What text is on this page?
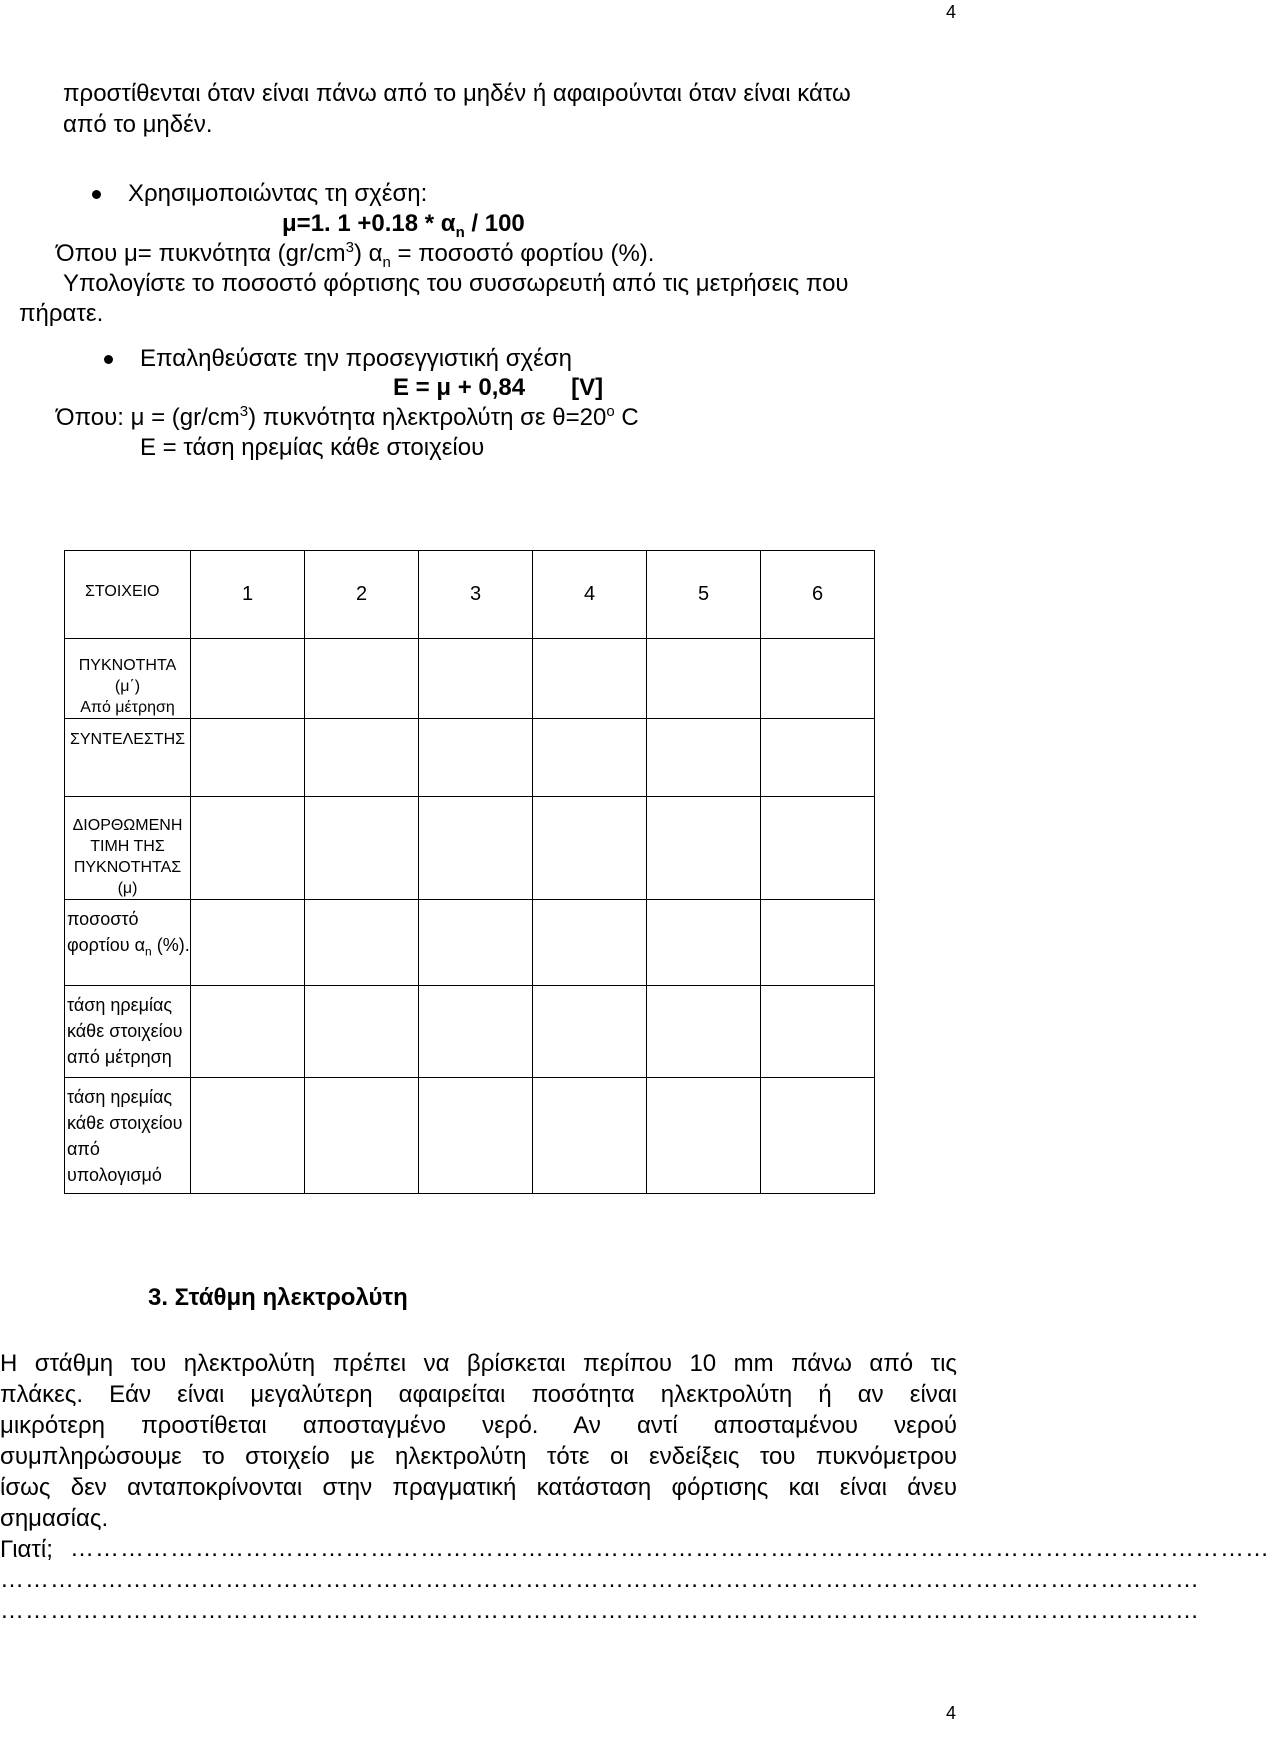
4
4
προστίθενται όταν είναι πάνω από το μηδέν ή αφαιρούνται όταν είναι κάτω
από το μηδέν.
Χρησιμοποιώντας τη σχέση:
μ=1. $1 +0.18 * \alpha_n / 100$
Όπου μ= πυκνότητα $(gr/cm^3) \alpha_n = \pi o\sigma o\sigma\tau ό$ φορτίου (%).
Υπολογίστε το ποσοστό φόρτισης του συσσωρευτή από τις μετρήσεις που
πήρατε.
Επαληθεύσατε την προσεγγιστική σχέση
E = μ + 0,84 [V]
Όπου: $\mu = (gr/cm^3)$ πυκνότητα ηλεκτρολύτη σε $\theta=20^o$ C
E = τάση ηρεμίας κάθε στοιχείου
ΣΤΟΙΧΕΙΟ	1	2	3	4	5	6

ΠΥΚΝΟΤΗΤΑ (μ΄)
Από μέτρηση						

ΣΥΝΤΕΛΕΣΤΗΣ						

ΔΙΟΡΘΩΜΕΝΗ
ΤΙΜΗ ΤΗΣ
ΠΥΚΝΟΤΗΤΑΣ (μ)						

ποσοστό
φορτίου $\alpha_n$ (%).						

τάση ηρεμίας
κάθε στοιχείου
από μέτρηση						

τάση ηρεμίας
κάθε στοιχείου
από
υπολογισμό						

3. Στάθμη ηλεκτρολύτη
Η στάθμη του ηλεκτρολύτη πρέπει να βρίσκεται περίπου 10 mm πάνω από τις
πλάκες. Εάν είναι μεγαλύτερη αφαιρείται ποσότητα ηλεκτρολύτη ή αν είναι
μικρότερη προστίθεται αποσταγμένο νερό. Αν αντί αποσταμένου νερού
συμπληρώσουμε το στοιχείο με ηλεκτρολύτη τότε οι ενδείξεις του πυκνόμετρου
ίσως δεν ανταποκρίνονται στην πραγματική κατάσταση φόρτισης και είναι άνευ
σημασίας.
Γιατί; ………………………………………………………………………………………………………………………………
………………………………………………………………………………………………………………………………
………………………………………………………………………………………………………………………………
